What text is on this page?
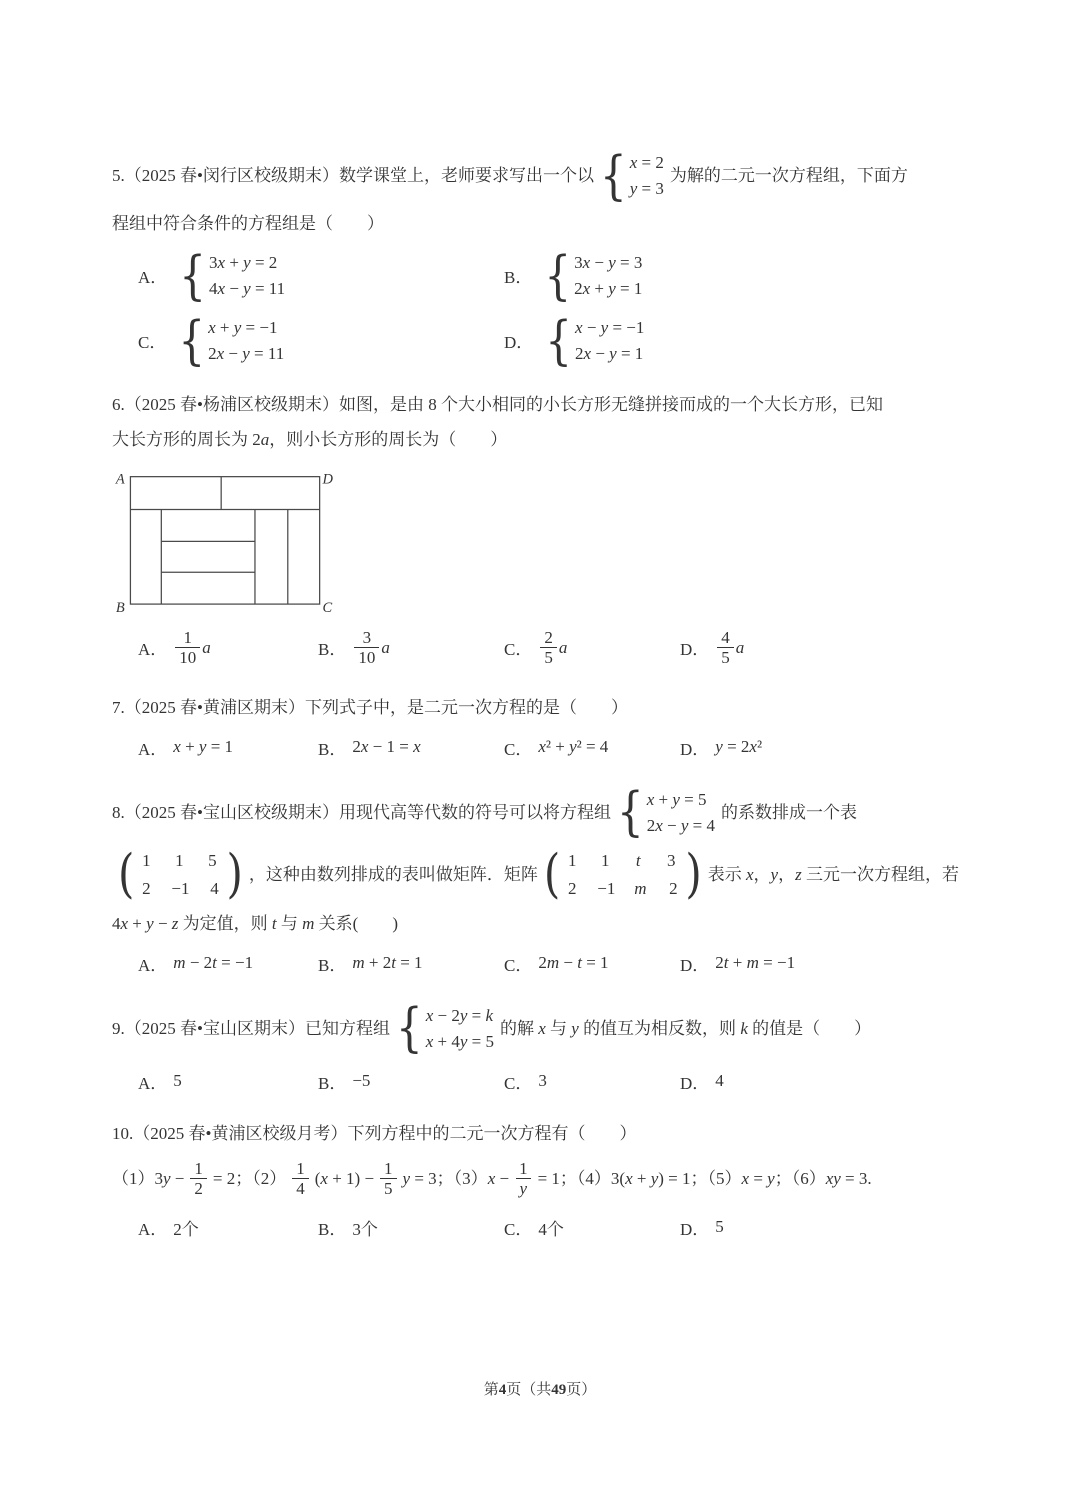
5. （2025 春•闵行区校级期末）数学课堂上，老师要求写出一个以 { x = 2
y = 3
为解的二元一次方程组，下面方
程组中符合条件的方程组是（　　）
A． { 3x + y = 2
4x − y = 11
B． { 3x − y = 3
2x + y = 1
C． { x + y = −1
2x − y = 11
D． { x − y = −1
2x − y = 1
6.（2025 春•杨浦区校级期末）如图，是由 8 个大小相同的小长方形无缝拼接而成的一个大长方形，已知
大长方形的周长为 2a，则小长方形的周长为（　　）
A	D
B	C
A． $\frac{1}{10}$ a	B． $\frac{3}{10}$ a	C． $\frac{2}{5}$ a	D． $\frac{4}{5}$ a
7.（2025 春•黄浦区期末）下列式子中，是二元一次方程的是（　　）
A． x + y = 1	B． 2x − 1 = x	C． x² + y² = 4	D． y = 2x²
8. （2025 春•宝山区校级期末）用现代高等代数的符号可以将方程组 { x + y = 5
2x − y = 4
的系数排成一个表
( 1 1 5
2 −1 4 ) ，这种由数列排成的表叫做矩阵．矩阵 ( 1 1	t	3
2 −1 m 2 ) 表示 x，y，z 三元一次方程组，若
4x + y − z 为定值，则 t 与 m 关系(　　)
A． m − 2t = −1	B． m + 2t = 1	C． 2m − t = 1	D． 2t + m = −1
9. （2025 春•宝山区期末）已知方程组 { x − 2y = k
x + 4y = 5
的解 x 与 y 的值互为相反数，则 k 的值是（　　）
A． 5	B． −5	C． 3	D． 4
10.（2025 春•黄浦区校级月考）下列方程中的二元一次方程有（　　）
$(1)3y - \frac{1}{2} = 2$；$(2) \frac{1}{4} (x + 1) - \frac{1}{5}$ y = 3；$(3)x - \frac{1}{y} = 1$；（4）3(x + y) = 1；（5）x = y；（6）xy = 3.
A． 2个	B． 3个	C． 4个	D． 5
第4页（共49页）
